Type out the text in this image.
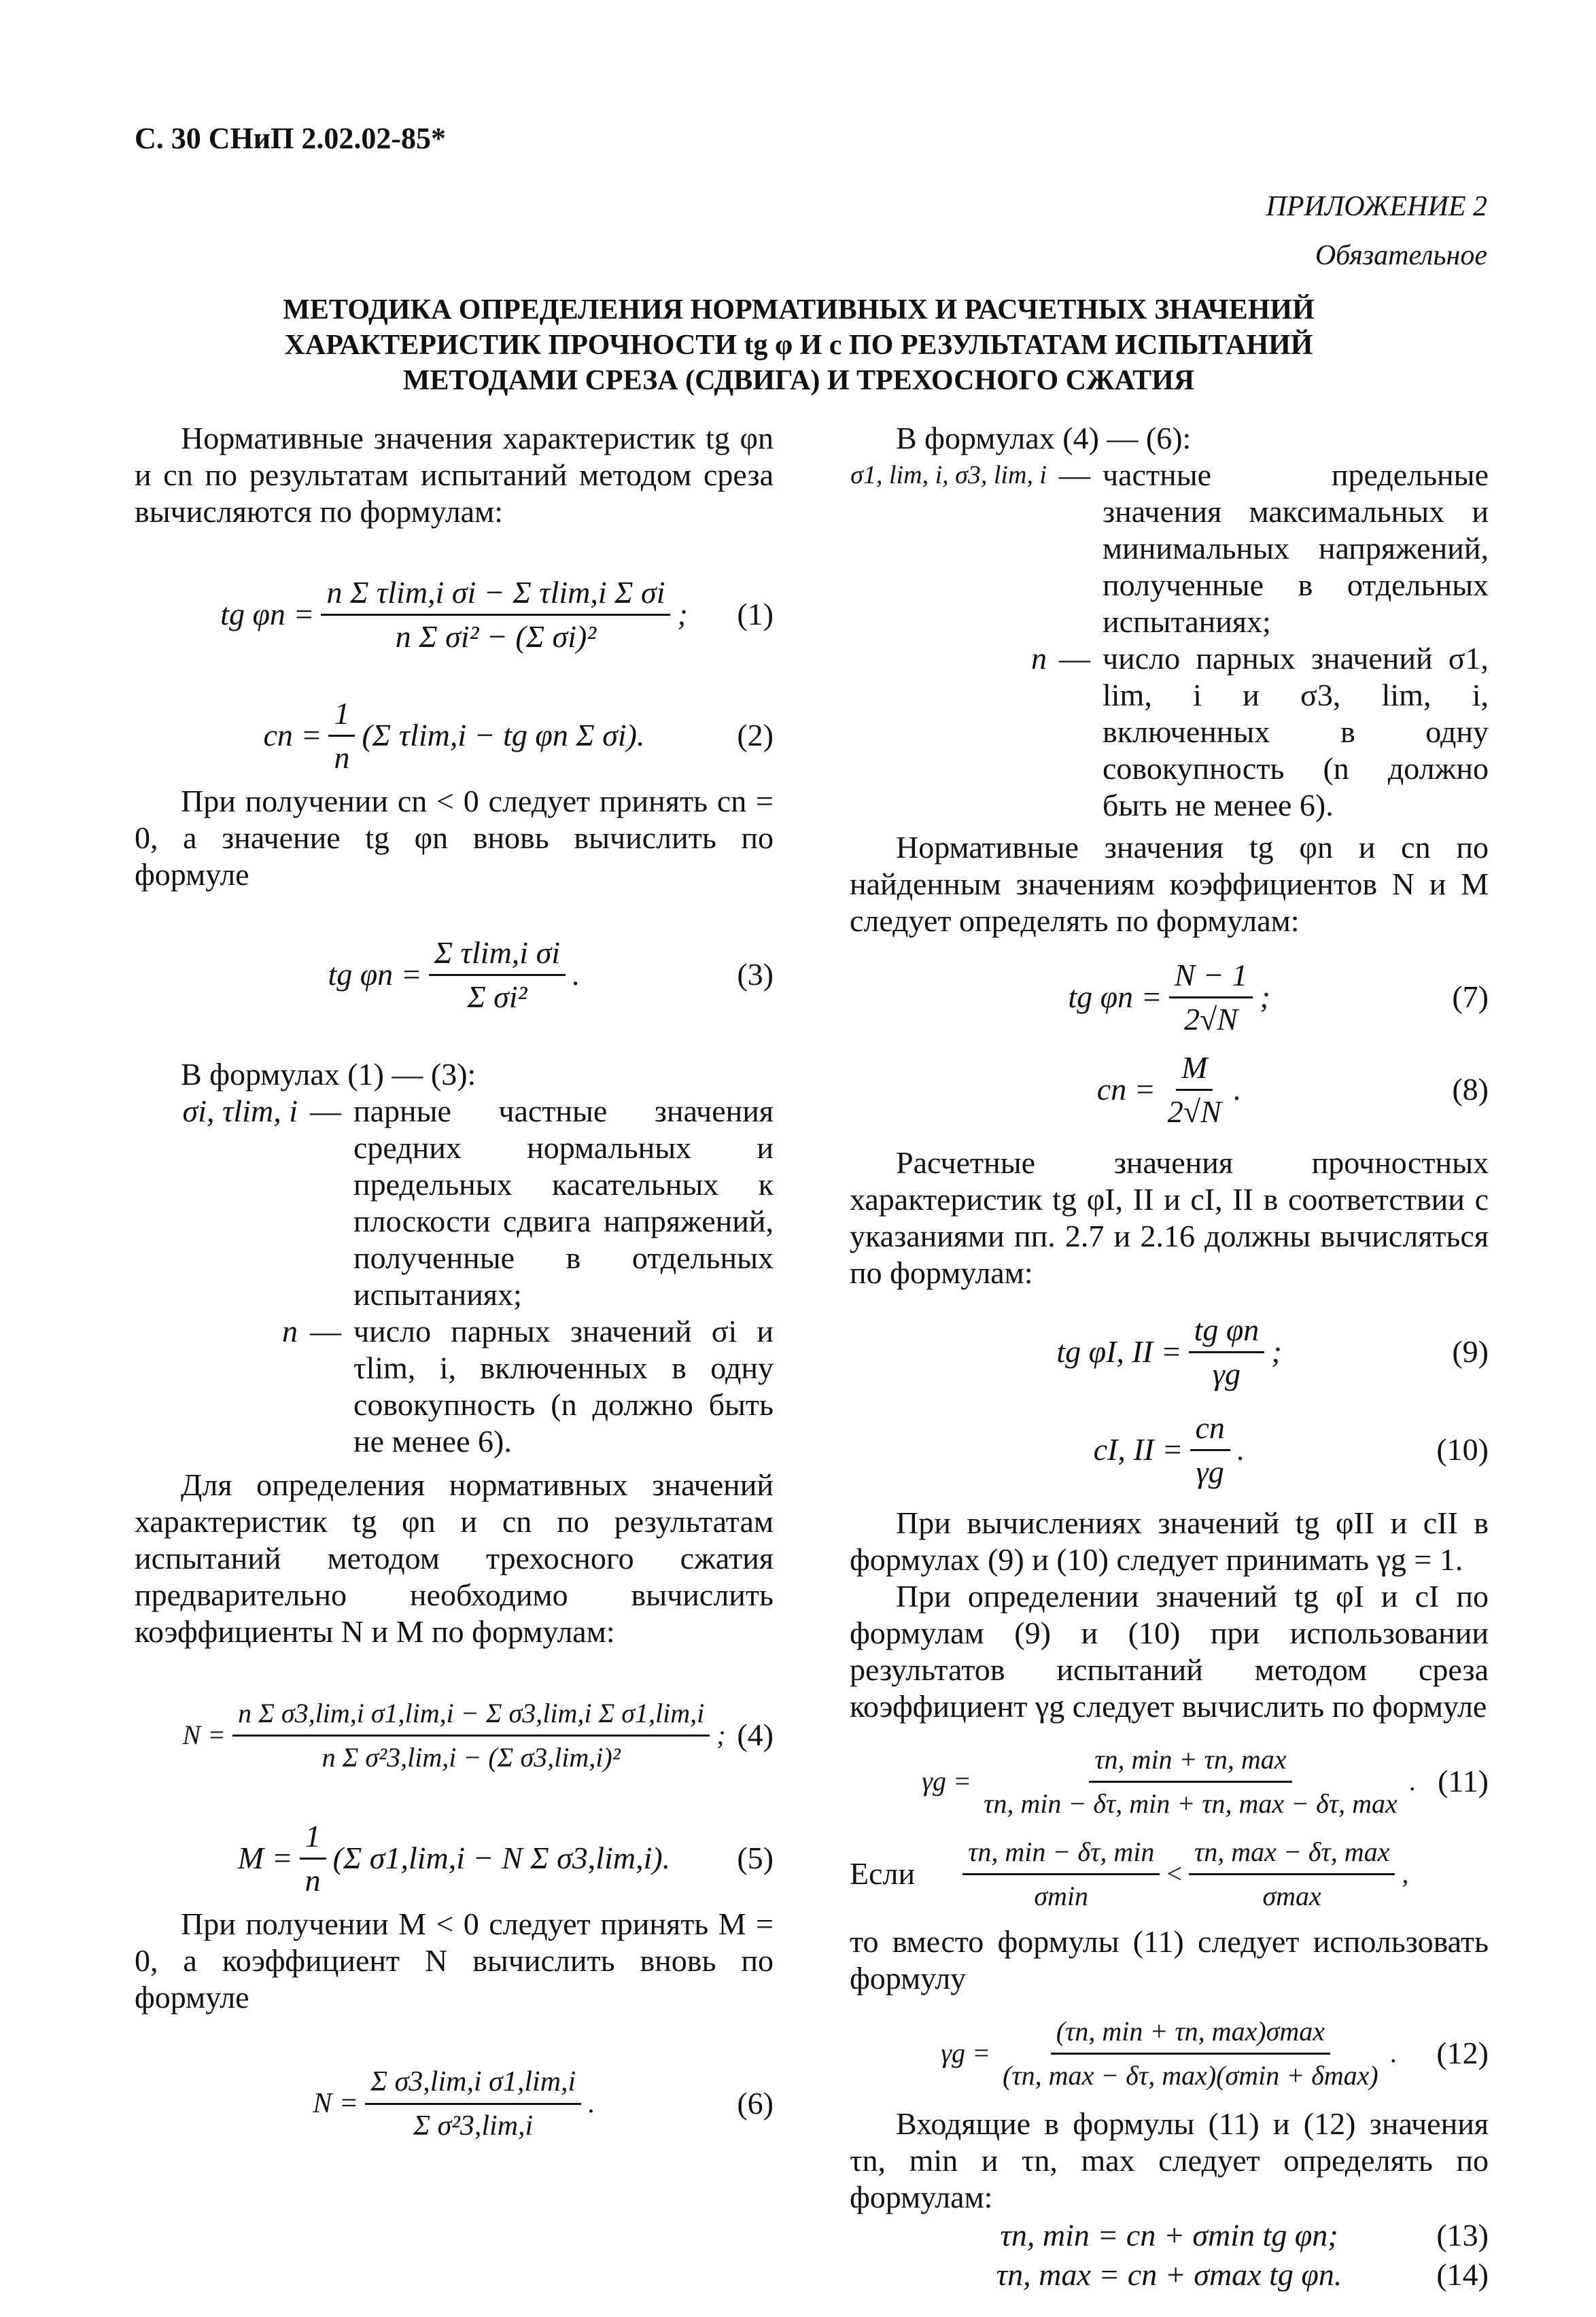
С. 30 СНиП 2.02.02-85*
ПРИЛОЖЕНИЕ 2
Обязательное
МЕТОДИКА ОПРЕДЕЛЕНИЯ НОРМАТИВНЫХ И РАСЧЕТНЫХ ЗНАЧЕНИЙ
ХАРАКТЕРИСТИК ПРОЧНОСТИ tg φ И c ПО РЕЗУЛЬТАТАМ ИСПЫТАНИЙ
МЕТОДАМИ СРЕЗА (СДВИГА) И ТРЕХОСНОГО СЖАТИЯ

Нормативные значения характеристик tg φn и cn по результатам испытаний методом среза вычисляются по формулам:

tg $\varphi n = \frac{\text{n Σ τlim,i σi − Σ τlim,i Σ σi}}{\text{n Σ σi² − (Σ σi)²}}$ ; (1)
cn = $\frac{1}{n} (\Sigma$ τlim,i − tg φn Σ σi).	(2)

При получении cn < 0 следует принять cn = 0, а значение tg φn вновь вычислить по формуле

tg $\varphi n = \frac{\text{Σ τlim,i σi}}{\text{Σ σi²}}$ .	(3)

В формулах (1) — (3):

σi, τlim, i — парные частные значения средних нормальных и предельных касательных к плоскости сдвига напряжений, полученные в отдельных испытаниях;
n — число парных значений σi и τlim, i, включенных в одну совокупность (n должно быть не менее 6).

Для определения нормативных значений характеристик tg φn и cn по результатам испытаний методом трехосного сжатия предварительно необходимо вычислить коэффициенты N и M по формулам:

$N = \frac{\text{n Σ σ3,lim,i σ1,lim,i − Σ σ3,lim,i Σ σ1,lim,i}}{\text{n Σ σ²3,lim,i − (Σ σ3,lim,i)²}}$ ; (4)
$M = \frac{1}{n} (\Sigma$ σ1,lim,i − N Σ σ3,lim,i). (5)

При получении M < 0 следует принять M = 0, а коэффициент N вычислить вновь по формуле

$N = \frac{\text{Σ σ3,lim,i σ1,lim,i}}{\text{Σ σ²3,lim,i}}$ .	(6)

В формулах (4) — (6):

σ1, lim, i, σ3, lim, i — частные предельные значения максимальных и минимальных напряжений, полученные в отдельных испытаниях;
n — число парных значений σ1, lim, i и σ3, lim, i, включенных в одну совокупность (n должно быть не менее 6).

Нормативные значения tg φn и cn по найденным значениям коэффициентов N и M следует определять по формулам:

tg $\varphi n = \frac{N - 1}{2√N}$ ;	(7)
cn = $\frac{M}{2√N}$ .	(8)

Расчетные значения прочностных характеристик tg φI, II и cI, II в соответствии с указаниями пп. 2.7 и 2.16 должны вычисляться по формулам:

tg φI, II = $\frac{\text{tg φn}}{\gamma g}$ ;	(9)
cI, II = $\frac{cn}{\gamma g}$ .	(10)

При вычислениях значений tg φII и cII в формулах (9) и (10) следует принимать γg = 1.

При определении значений tg φI и cI по формулам (9) и (10) при использовании результатов испытаний методом среза коэффициент γg следует вычислить по формуле

$\gamma g = \frac{\tau n, \min + \tau n, \max}{\tau n, \min - \delta\tau, \min + \tau n, \max - \delta\tau, \max}$ . (11)
Если $\frac{\tau n, \min - \delta\tau, \min}{\sigma\min} < \frac{\tau n, \max - \delta\tau, \max}{\sigma\max}$ ,

то вместо формулы (11) следует использовать формулу

$\gamma g = \frac{(\tau n, \min + \tau n, \max)\sigma\max}{(\tau n, \max - \delta\tau, \max)(\sigma\min + \delta\max)}$ . (12)

Входящие в формулы (11) и (12) значения τn, min и τn, max следует определять по формулам:

τn, min = cn + σmin tg φn;	(13)
τn, max = cn + σmax tg φn.	(14)
